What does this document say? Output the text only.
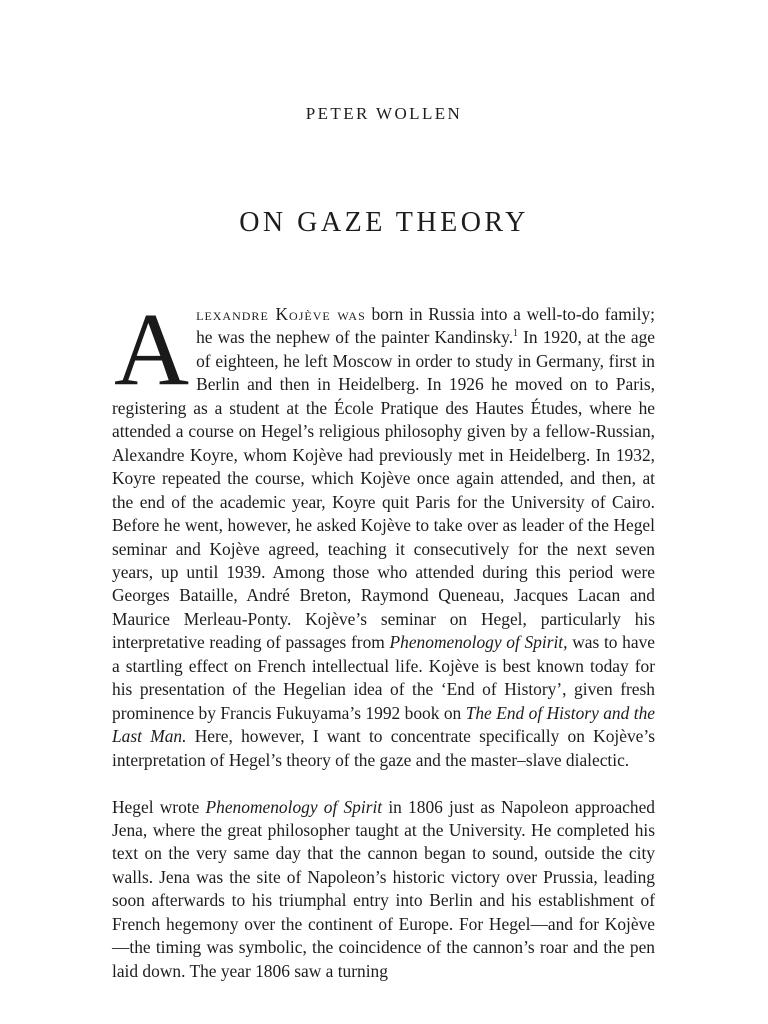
PETER WOLLEN
ON GAZE THEORY

Alexandre Kojève was born in Russia into a well-to-do family; he was the nephew of the painter Kandinsky.$^1$ In 1920, at the age of eighteen, he left Moscow in order to study in Germany, first in Berlin and then in Heidelberg. In 1926 he moved on to Paris, registering as a student at the École Pratique des Hautes Études, where he attended a course on Hegel’s religious philosophy given by a fellow-Russian, Alexandre Koyre, whom Kojève had previously met in Heidelberg. In 1932, Koyre repeated the course, which Kojève once again attended, and then, at the end of the academic year, Koyre quit Paris for the University of Cairo. Before he went, however, he asked Kojève to take over as leader of the Hegel seminar and Kojève agreed, teaching it consecutively for the next seven years, up until 1939. Among those who attended during this period were Georges Bataille, André Breton, Raymond Queneau, Jacques Lacan and Maurice Merleau-Ponty. Kojève’s seminar on Hegel, particularly his interpretative reading of passages from Phenomenology of Spirit, was to have a startling effect on French intellectual life. Kojève is best known today for his presentation of the Hegelian idea of the ‘End of History’, given fresh prominence by Francis Fukuyama’s 1992 book on The End of History and the Last Man. Here, however, I want to concentrate specifically on Kojève’s interpretation of Hegel’s theory of the gaze and the master–slave dialectic.

Hegel wrote Phenomenology of Spirit in 1806 just as Napoleon approached Jena, where the great philosopher taught at the University. He completed his text on the very same day that the cannon began to sound, outside the city walls. Jena was the site of Napoleon’s historic victory over Prussia, leading soon afterwards to his triumphal entry into Berlin and his establishment of French hegemony over the continent of Europe. For Hegel—and for Kojève—the timing was symbolic, the coincidence of the cannon’s roar and the pen laid down. The year 1806 saw a turning
